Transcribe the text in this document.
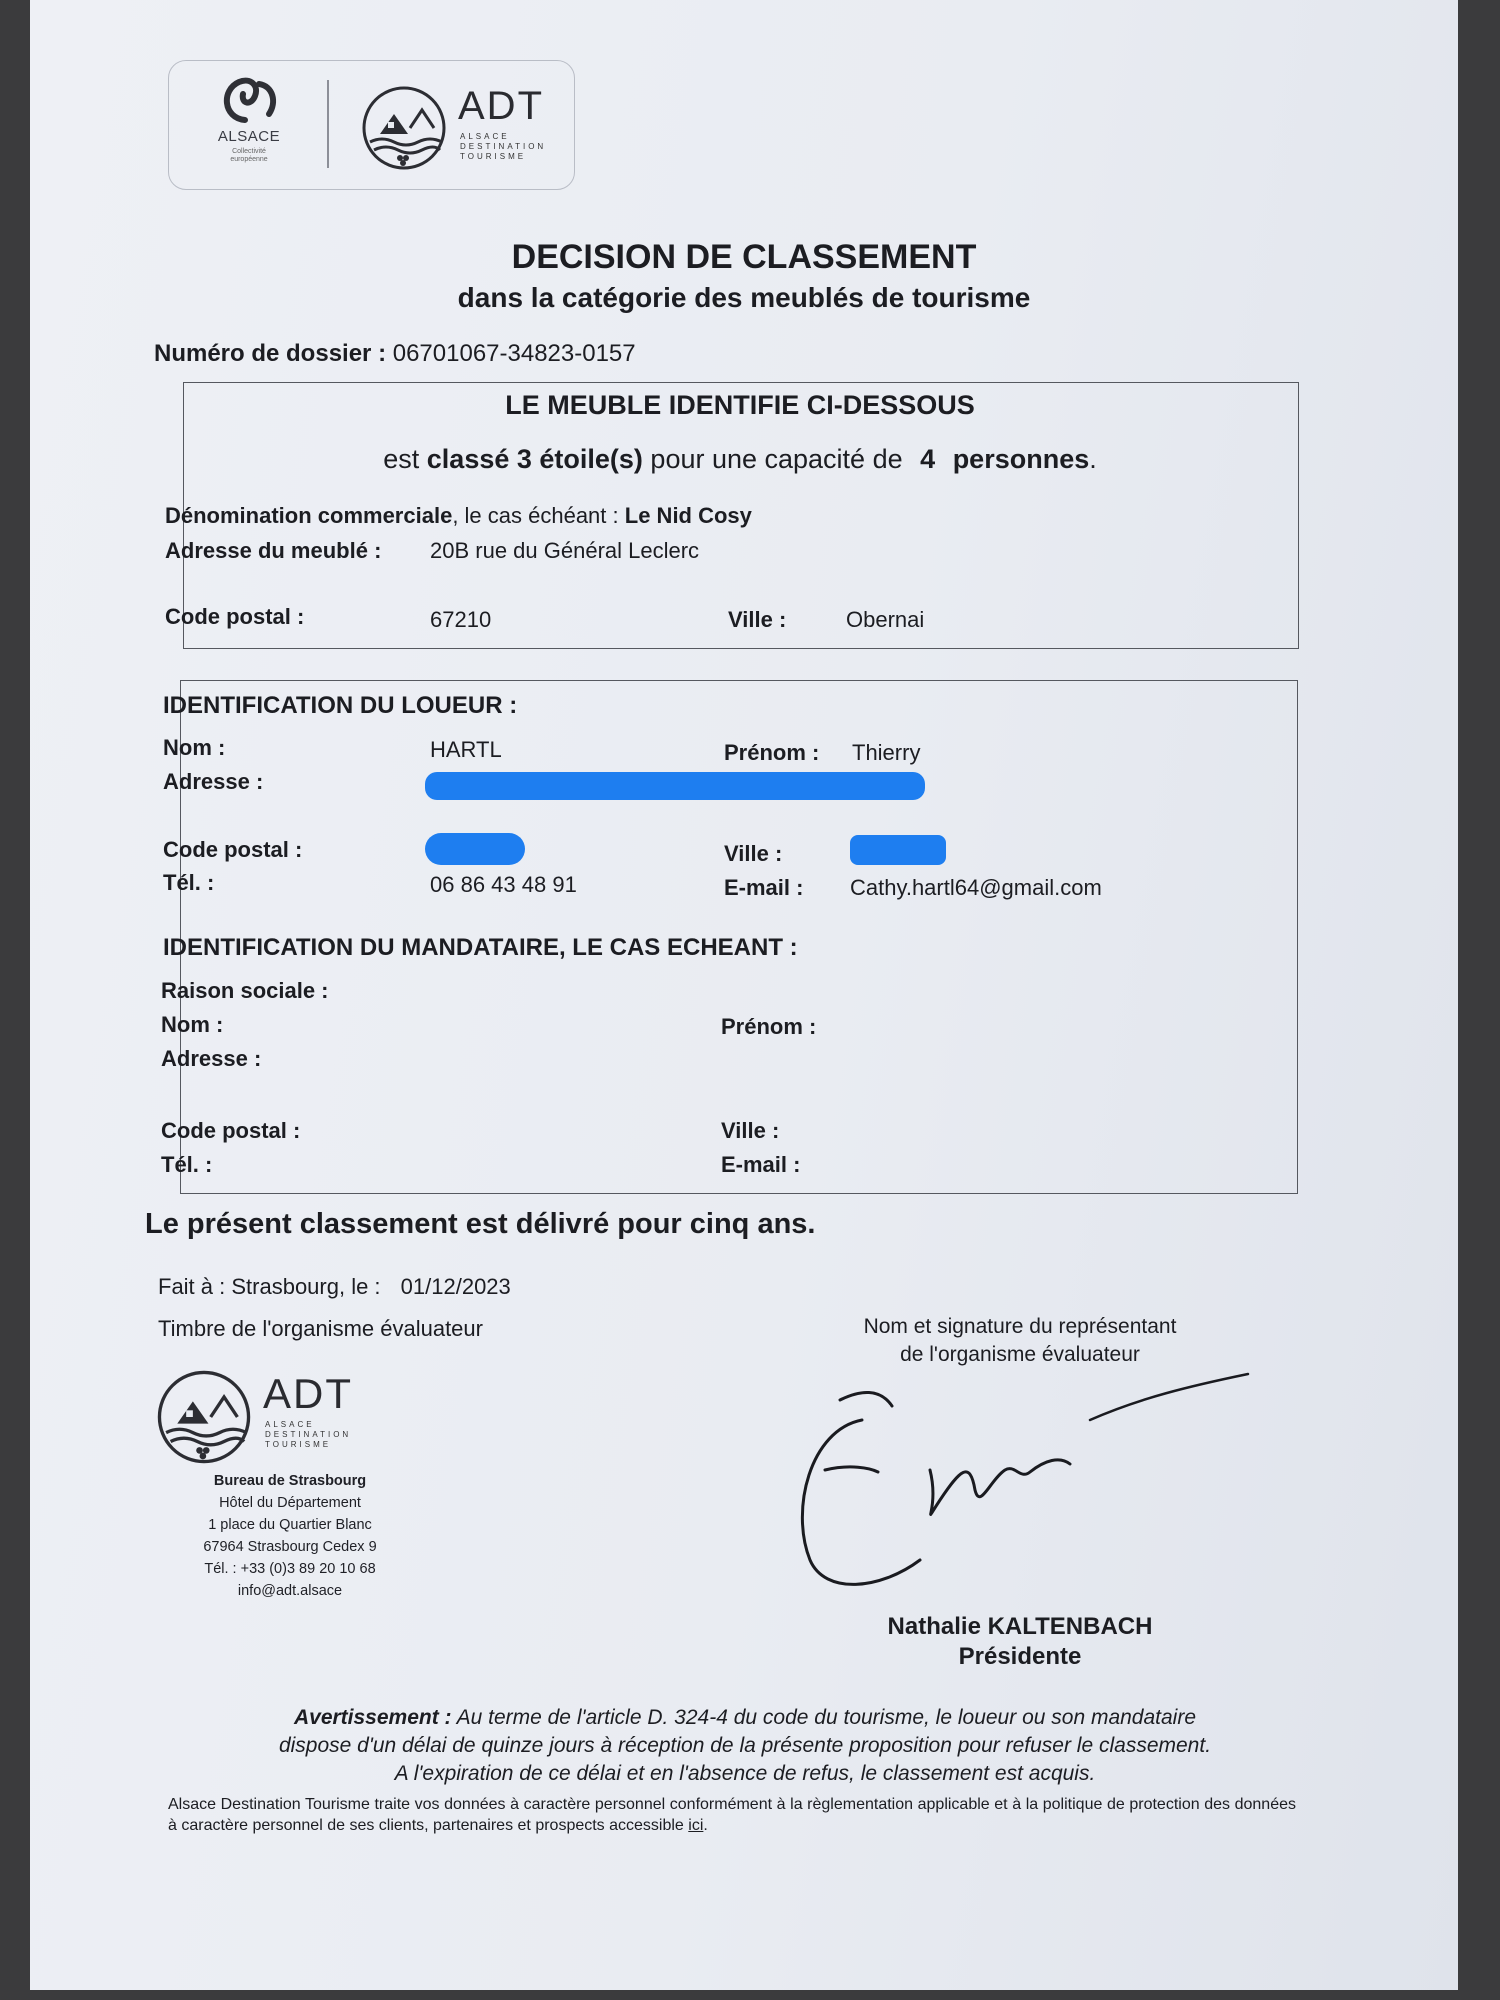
ALSACE
Collectivité
européenne
ADT
ALSACE
DESTINATION
TOURISME
DECISION DE CLASSEMENT
dans la catégorie des meublés de tourisme
Numéro de dossier : 06701067-34823-0157
LE MEUBLE IDENTIFIE CI-DESSOUS
est classé 3 étoile(s) pour une capacité de 4 personnes.
Dénomination commerciale, le cas échéant : Le Nid Cosy
Adresse du meublé : 20B rue du Général Leclerc
Code postal :	67210	Ville :	Obernai
IDENTIFICATION DU LOUEUR :
Nom :	HARTL	Prénom : Thierry
Adresse :
Code postal :	Ville :
Tél. :	06 86 43 48 91	E-mail : Cathy.hartl64@gmail.com
IDENTIFICATION DU MANDATAIRE, LE CAS ECHEANT :
Raison sociale :
Nom :	Prénom :
Adresse :
Code postal :	Ville :
Tél. :	E-mail :
Le présent classement est délivré pour cinq ans.
Fait à : Strasbourg, le : 01/12/2023
Timbre de l'organisme évaluateur	Nom et signature du représentant
de l'organisme évaluateur
ADT
ALSACE
DESTINATION
TOURISME
Bureau de Strasbourg
Hôtel du Département
1 place du Quartier Blanc
67964 Strasbourg Cedex 9
Tél. : +33 (0)3 89 20 10 68
info@adt.alsace
Nathalie KALTENBACH
Présidente
Avertissement : Au terme de l'article D. 324-4 du code du tourisme, le loueur ou son mandataire
dispose d'un délai de quinze jours à réception de la présente proposition pour refuser le classement.
A l'expiration de ce délai et en l'absence de refus, le classement est acquis.
Alsace Destination Tourisme traite vos données à caractère personnel conformément à la règlementation applicable et à la politique de protection des données à caractère personnel de ses clients, partenaires et prospects accessible ici.
